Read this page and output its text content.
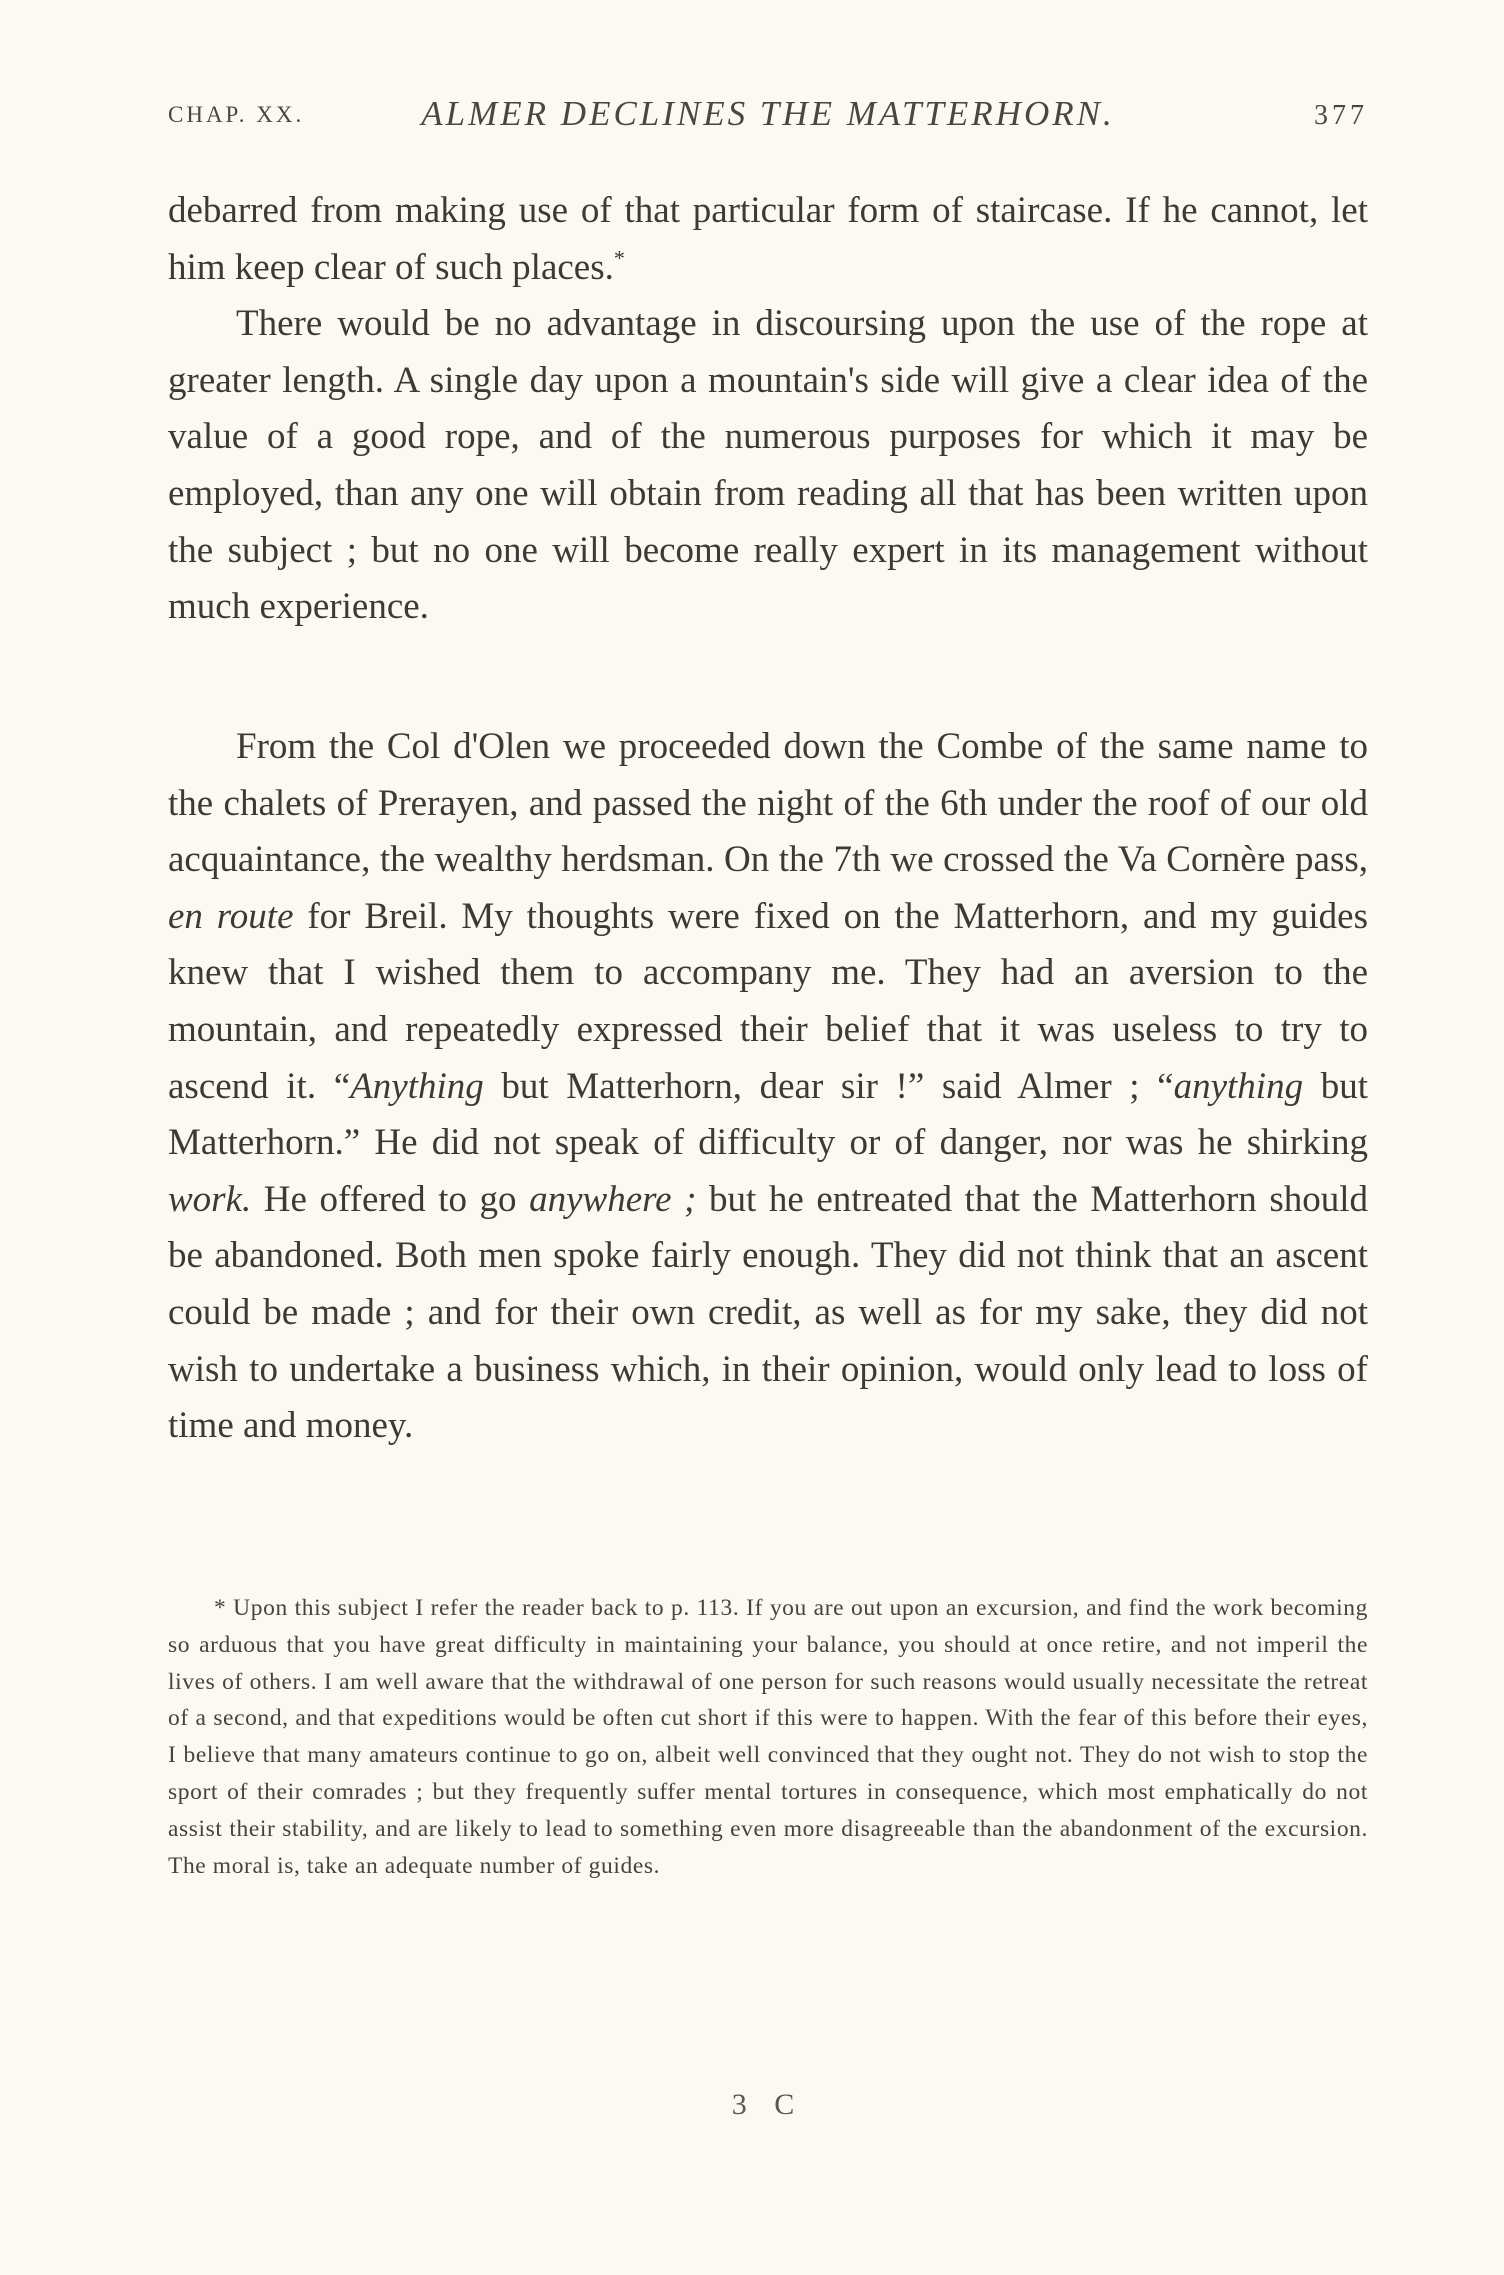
CHAP. XX.	ALMER DECLINES THE MATTERHORN.	377

debarred from making use of that particular form of staircase. If he cannot, let him keep clear of such places.*

There would be no advantage in discoursing upon the use of the rope at greater length. A single day upon a mountain's side will give a clear idea of the value of a good rope, and of the numerous purposes for which it may be employed, than any one will obtain from reading all that has been written upon the subject ; but no one will become really expert in its management without much experience.

From the Col d'Olen we proceeded down the Combe of the same name to the chalets of Prerayen, and passed the night of the 6th under the roof of our old acquaintance, the wealthy herdsman. On the 7th we crossed the Va Cornère pass, en route for Breil. My thoughts were fixed on the Matterhorn, and my guides knew that I wished them to accompany me. They had an aversion to the mountain, and repeatedly expressed their belief that it was useless to try to ascend it. “Anything but Matterhorn, dear sir !” said Almer ; “anything but Matterhorn.” He did not speak of difficulty or of danger, nor was he shirking work. He offered to go anywhere ; but he entreated that the Matterhorn should be abandoned. Both men spoke fairly enough. They did not think that an ascent could be made ; and for their own credit, as well as for my sake, they did not wish to undertake a business which, in their opinion, would only lead to loss of time and money.

* Upon this subject I refer the reader back to p. 113. If you are out upon an excursion, and find the work becoming so arduous that you have great difficulty in maintaining your balance, you should at once retire, and not imperil the lives of others. I am well aware that the withdrawal of one person for such reasons would usually necessitate the retreat of a second, and that expeditions would be often cut short if this were to happen. With the fear of this before their eyes, I believe that many amateurs continue to go on, albeit well convinced that they ought not. They do not wish to stop the sport of their comrades ; but they frequently suffer mental tortures in consequence, which most emphatically do not assist their stability, and are likely to lead to something even more disagreeable than the abandonment of the excursion. The moral is, take an adequate number of guides.

3 C
